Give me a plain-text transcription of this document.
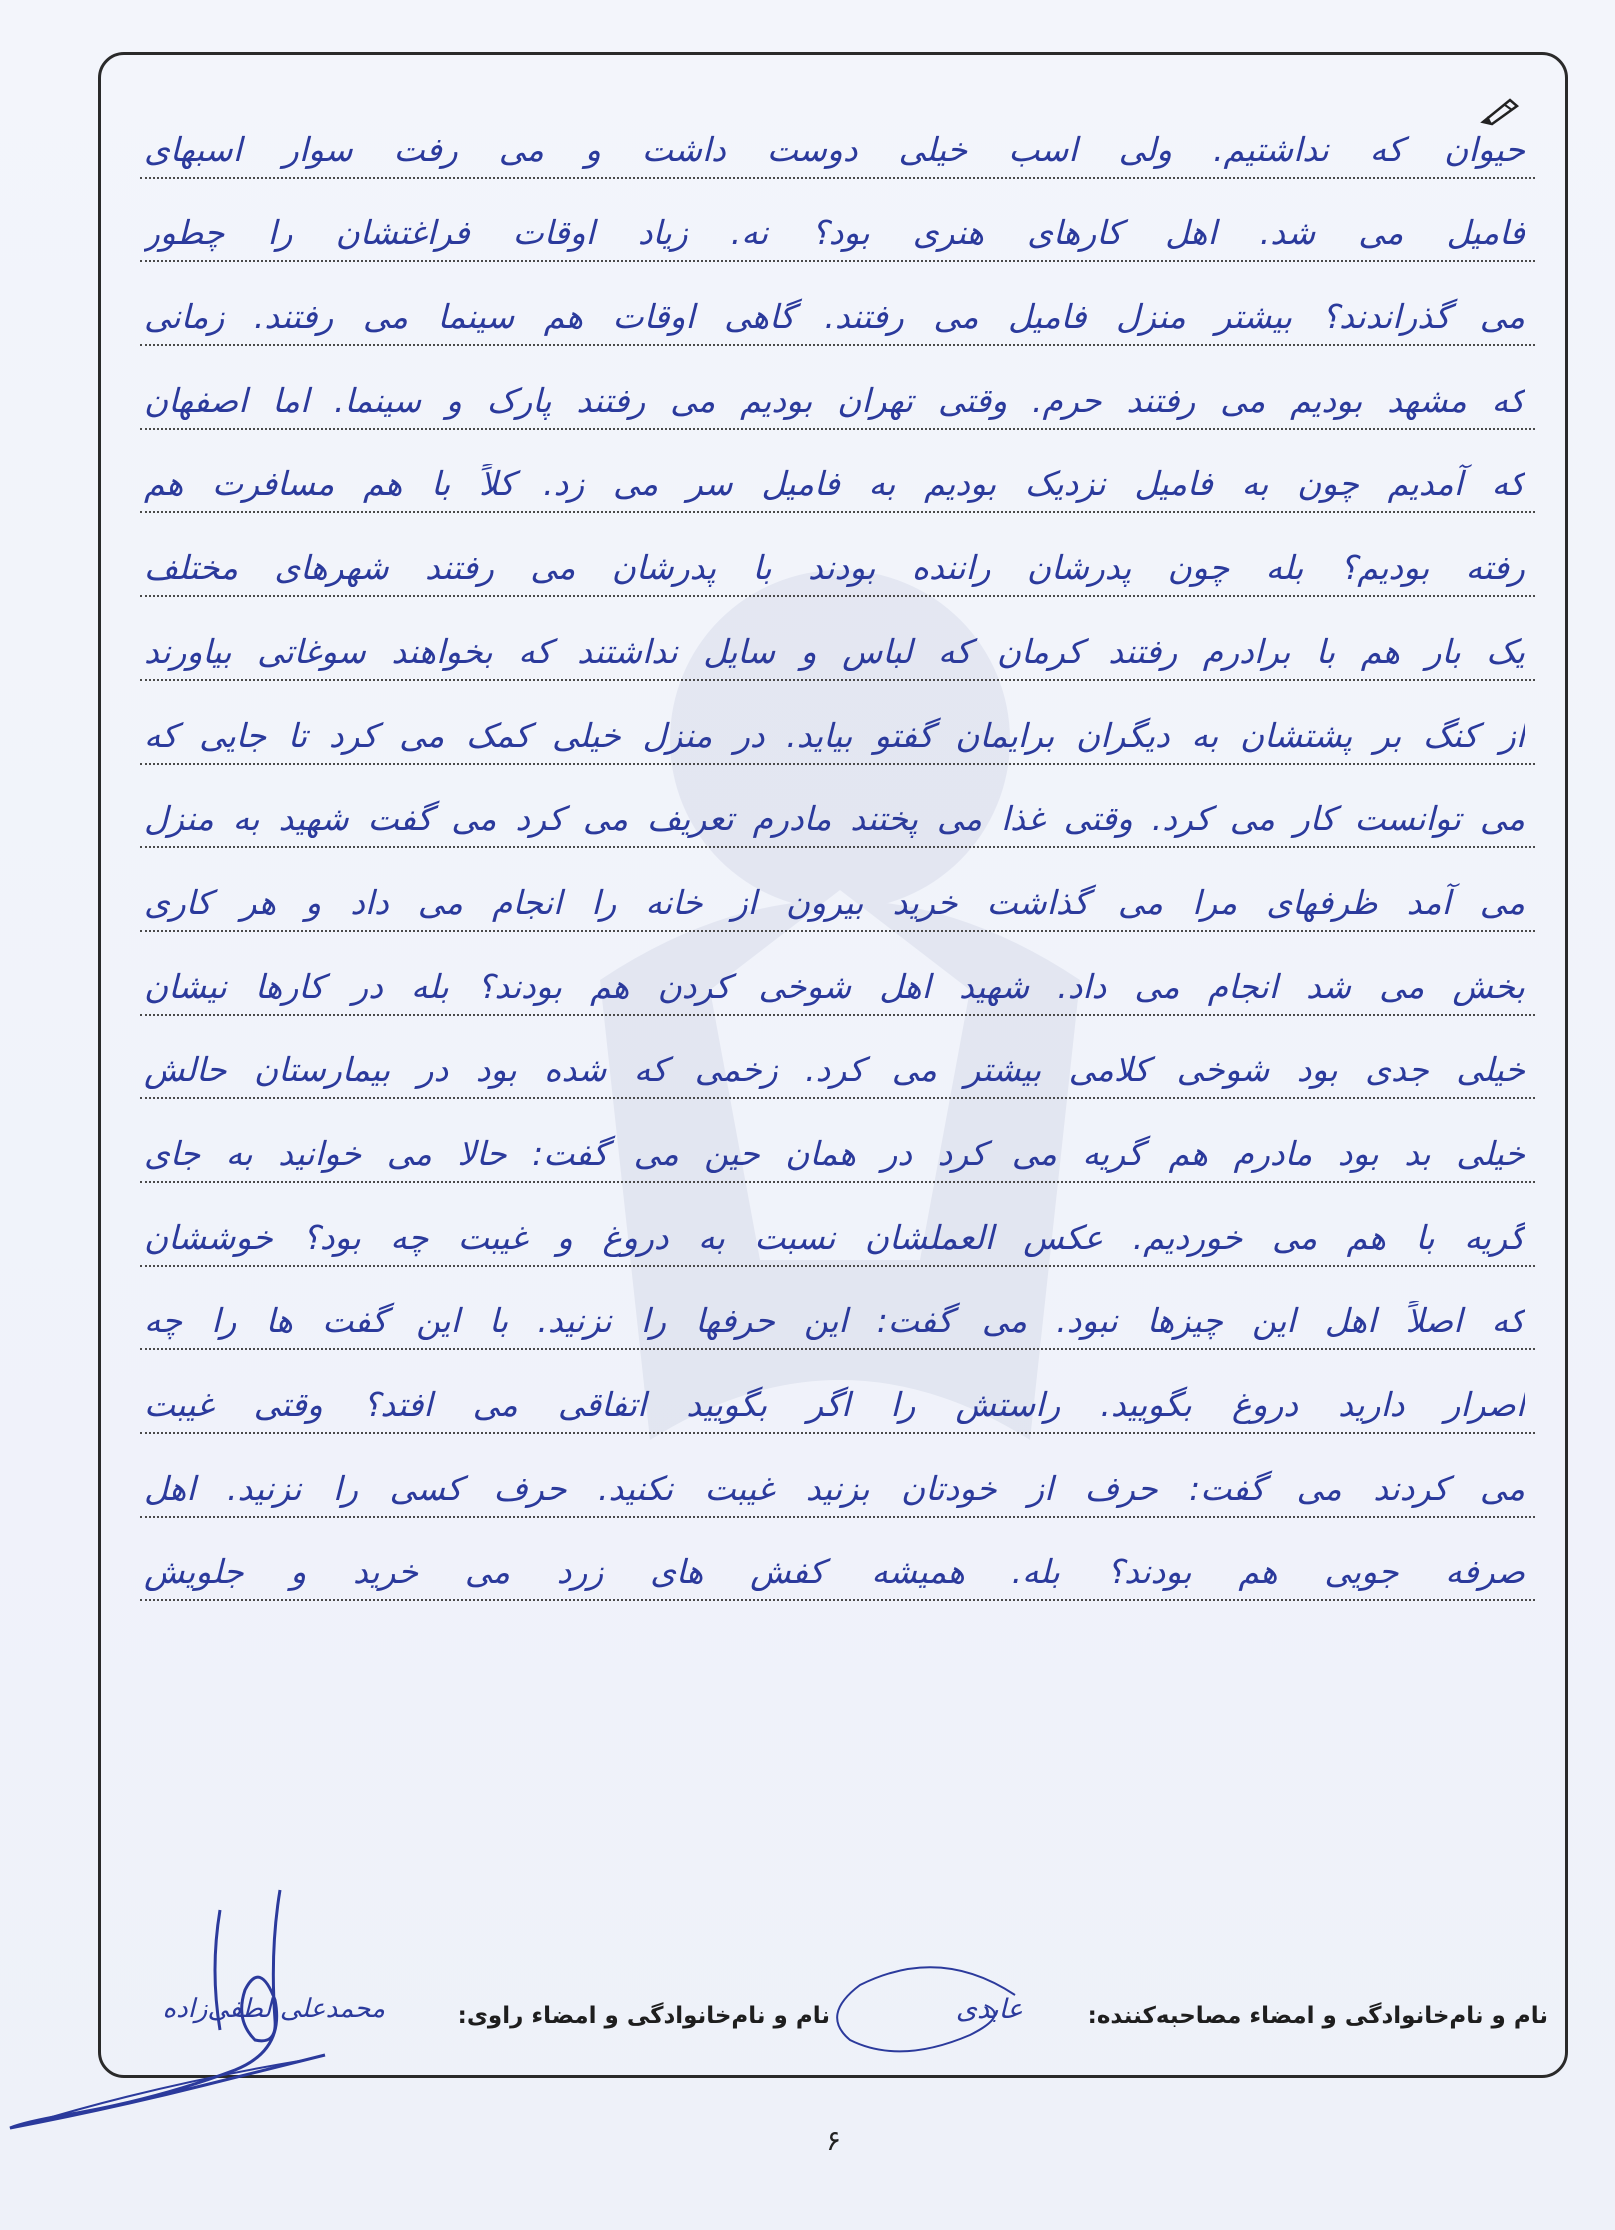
حیوان که نداشتیم. ولی اسب خیلی دوست داشت و می رفت سوار اسبهای
فامیل می شد. اهل کارهای هنری بود؟ نه. زیاد اوقات فراغتشان را چطور
می گذراندند؟ بیشتر منزل فامیل می رفتند. گاهی اوقات هم سینما می رفتند. زمانی
که مشهد بودیم می رفتند حرم. وقتی تهران بودیم می رفتند پارک و سینما. اما اصفهان
که آمدیم چون به فامیل نزدیک بودیم به فامیل سر می زد. کلاً با هم مسافرت هم
رفته بودیم؟ بله چون پدرشان راننده بودند با پدرشان می رفتند شهرهای مختلف
یک بار هم با برادرم رفتند کرمان که لباس و سایل نداشتند که بخواهند سوغاتی بیاورند
از کنگ بر پشتشان به دیگران برایمان گفتو بیاید. در منزل خیلی کمک می کرد تا جایی که
می توانست کار می کرد. وقتی غذا می پختند مادرم تعریف می کرد می گفت شهید به منزل
می آمد ظرفهای مرا می گذاشت خرید بیرون از خانه را انجام می داد و هر کاری
بخش می شد انجام می داد. شهید اهل شوخی کردن هم بودند؟ بله در کارها نیشان
خیلی جدی بود شوخی کلامی بیشتر می کرد. زخمی که شده بود در بیمارستان حالش
خیلی بد بود مادرم هم گریه می کرد در همان حین می گفت: حالا می خوانید به جای
گریه با هم می خوردیم. عکس العملشان نسبت به دروغ و غیبت چه بود؟ خوششان
که اصلاً اهل این چیزها نبود. می گفت: این حرفها را نزنید. با این گفت ها را چه
اصرار دارید دروغ بگویید. راستش را اگر بگویید اتفاقی می افتد؟ وقتی غیبت
می کردند می گفت: حرف از خودتان بزنید غیبت نکنید. حرف کسی را نزنید. اهل
صرفه جویی هم بودند؟ بله. همیشه کفش های زرد می خرید و جلویش
نام و نام‌خانوادگی و امضاء مصاحبه‌کننده:
عابدی
نام و نام‌خانوادگی و امضاء راوی:
محمدعلی لطفی‌زاده
۶
